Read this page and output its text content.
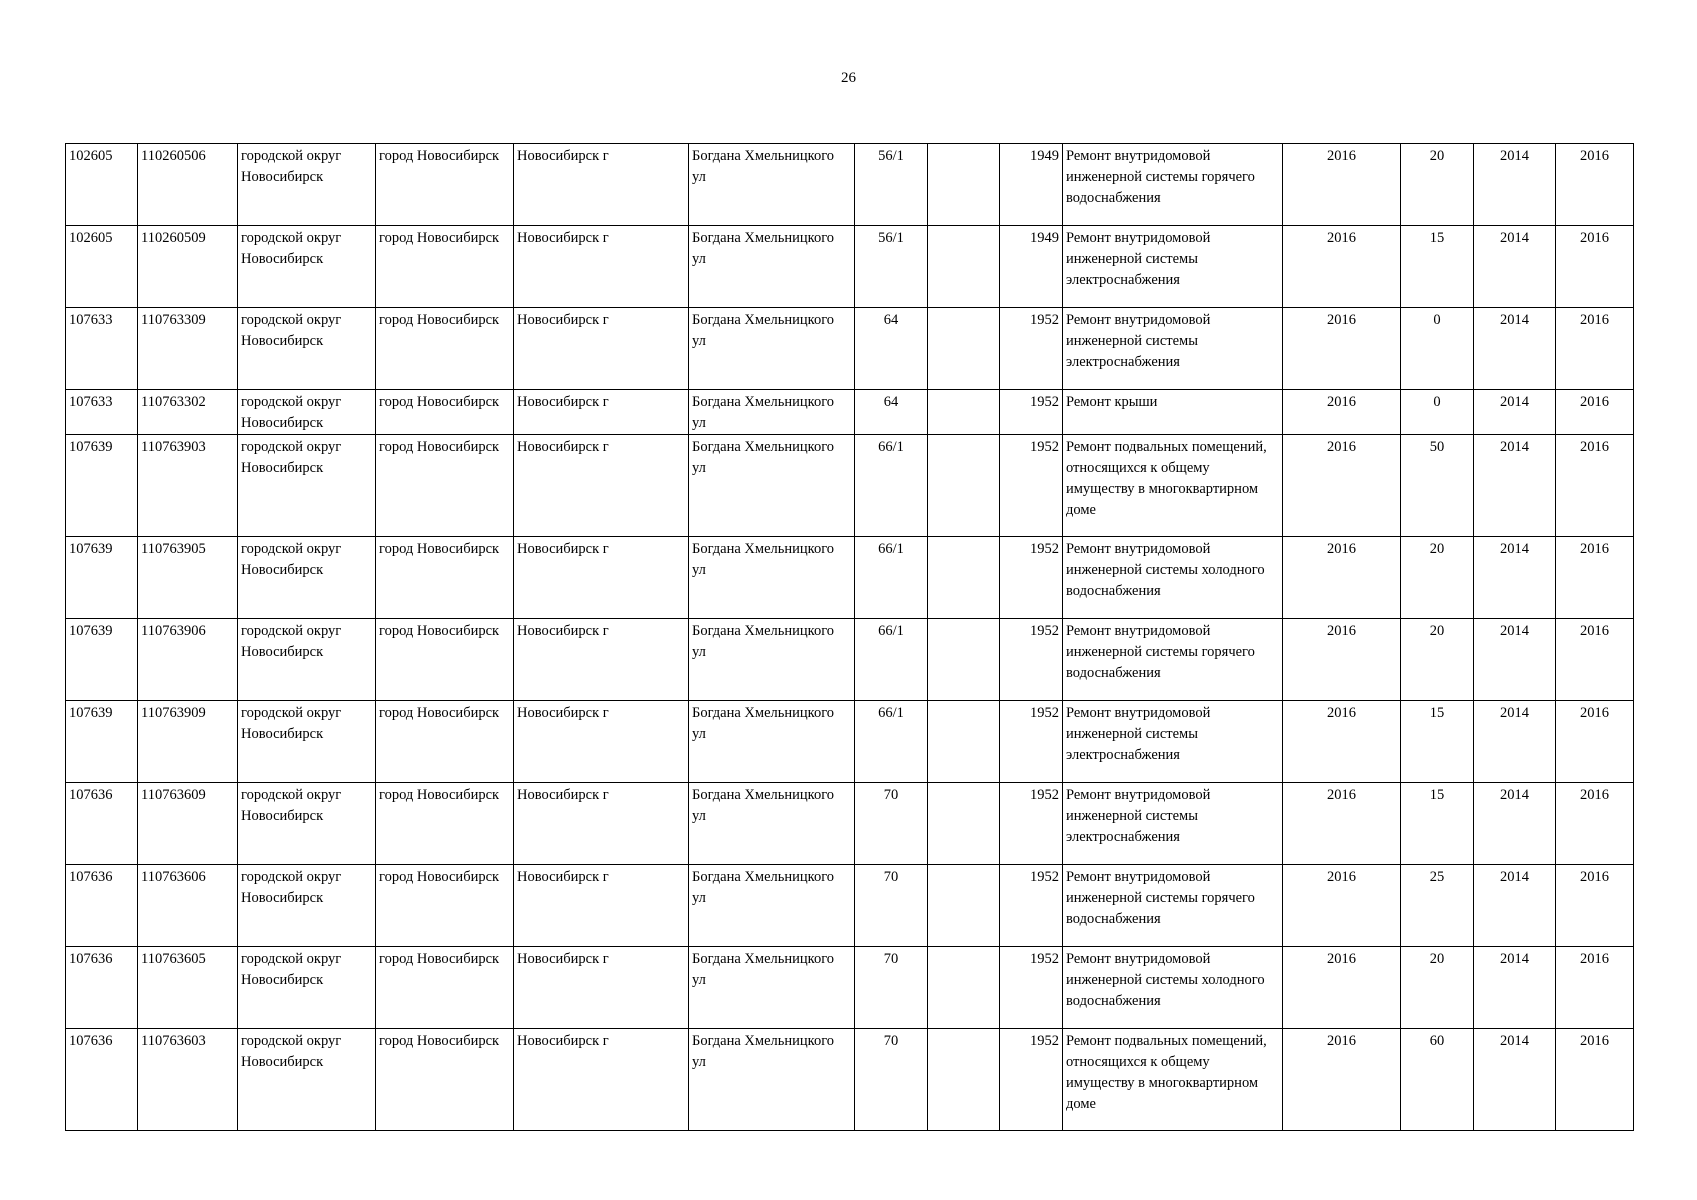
26
102605	110260506	городской округ Новосибирск	город Новосибирск	Новосибирск г	Богдана Хмельницкого ул	56/1		1949	Ремонт внутридомовой инженерной системы горячего водоснабжения	2016	20	2014	2016
102605	110260509	городской округ Новосибирск	город Новосибирск	Новосибирск г	Богдана Хмельницкого ул	56/1		1949	Ремонт внутридомовой инженерной системы электроснабжения	2016	15	2014	2016
107633	110763309	городской округ Новосибирск	город Новосибирск	Новосибирск г	Богдана Хмельницкого ул	64		1952	Ремонт внутридомовой инженерной системы электроснабжения	2016	0	2014	2016
107633	110763302	городской округ Новосибирск	город Новосибирск	Новосибирск г	Богдана Хмельницкого ул	64		1952	Ремонт крыши	2016	0	2014	2016
107639	110763903	городской округ Новосибирск	город Новосибирск	Новосибирск г	Богдана Хмельницкого ул	66/1		1952	Ремонт подвальных помещений, относящихся к общему имуществу в многоквартирном доме	2016	50	2014	2016
107639	110763905	городской округ Новосибирск	город Новосибирск	Новосибирск г	Богдана Хмельницкого ул	66/1		1952	Ремонт внутридомовой инженерной системы холодного водоснабжения	2016	20	2014	2016
107639	110763906	городской округ Новосибирск	город Новосибирск	Новосибирск г	Богдана Хмельницкого ул	66/1		1952	Ремонт внутридомовой инженерной системы горячего водоснабжения	2016	20	2014	2016
107639	110763909	городской округ Новосибирск	город Новосибирск	Новосибирск г	Богдана Хмельницкого ул	66/1		1952	Ремонт внутридомовой инженерной системы электроснабжения	2016	15	2014	2016
107636	110763609	городской округ Новосибирск	город Новосибирск	Новосибирск г	Богдана Хмельницкого ул	70		1952	Ремонт внутридомовой инженерной системы электроснабжения	2016	15	2014	2016
107636	110763606	городской округ Новосибирск	город Новосибирск	Новосибирск г	Богдана Хмельницкого ул	70		1952	Ремонт внутридомовой инженерной системы горячего водоснабжения	2016	25	2014	2016
107636	110763605	городской округ Новосибирск	город Новосибирск	Новосибирск г	Богдана Хмельницкого ул	70		1952	Ремонт внутридомовой инженерной системы холодного водоснабжения	2016	20	2014	2016
107636	110763603	городской округ Новосибирск	город Новосибирск	Новосибирск г	Богдана Хмельницкого ул	70		1952	Ремонт подвальных помещений, относящихся к общему имуществу в многоквартирном доме	2016	60	2014	2016
